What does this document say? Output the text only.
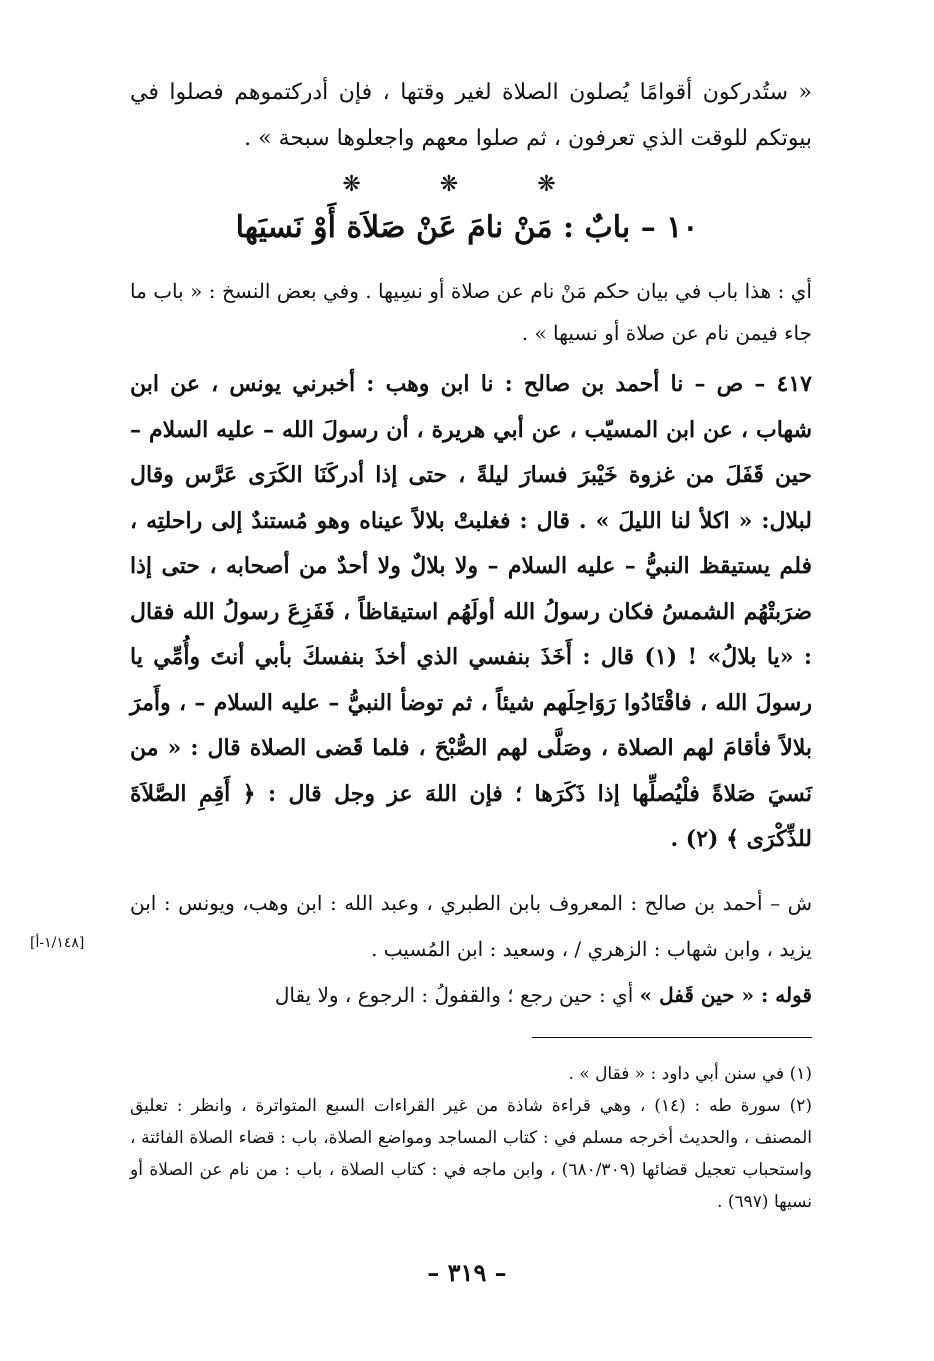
« ستُدركون أقوامًا يُصلون الصلاة لغير وقتها ، فإن أدركتموهم فصلوا في بيوتكم للوقت الذي تعرفون ، ثم صلوا معهم واجعلوها سبحة » .

❋ ❋ ❋
١٠ – بابٌ : مَنْ نامَ عَنْ صَلاَة أَوْ نَسيَها

أي : هذا باب في بيان حكم مَنْ نام عن صلاة أو نسِيها . وفي بعض النسخ : « باب ما جاء فيمن نام عن صلاة أو نسيها » .

٤١٧ – ص – نا أحمد بن صالح : نا ابن وهب : أخبرني يونس ، عن ابن شهاب ، عن ابن المسيّب ، عن أبي هريرة ، أن رسولَ الله – عليه السلام – حين قَفَلَ من غزوة خَيْبرَ فسارَ ليلةً ، حتى إذا أدركَنَا الكَرَى عَرَّس وقال لبلال: « اكلأ لنا الليلَ » . قال : فغلبتْ بلالاً عيناه وهو مُستندٌ إلى راحلتِه ، فلم يستيقظ النبيُّ – عليه السلام – ولا بلالٌ ولا أحدٌ من أصحابه ، حتى إذا ضرَبتْهُم الشمسُ فكان رسولُ الله أولَهُم استيقاظاً ، فَفَزِعَ رسولُ الله فقال : «يا بلالُ» ! (١) قال : أَخَذَ بنفسي الذي أخذَ بنفسكَ بأبي أنتَ وأُمِّي يا رسولَ الله ، فاقْتَادُوا رَوَاحِلَهم شيئاً ، ثم توضأ النبيُّ – عليه السلام – ، وأَمرَ بلالاً فأقامَ لهم الصلاة ، وصَلَّى لهم الصُّبْحَ ، فلما قَضى الصلاة قال : « من نَسيَ صَلاةً فلْيُصلِّها إذا ذَكَرَها ؛ فإن اللهَ عز وجل قال : ﴿ أَقِمِ الصَّلاَةَ للذِّكْرَى ﴾ (٢) .

ش – أحمد بن صالح : المعروف بابن الطبري ، وعبد الله : ابن وهب، ويونس : ابن يزيد ، وابن شهاب : الزهري / ، وسعيد : ابن المُسيب .
قوله : « حين قَفل » أي : حين رجع ؛ والقفولُ : الرجوع ، ولا يقال
[١/١٤٨-أ]

(١) في سنن أبي داود : « فقال » .

(٢) سورة طه : (١٤) ، وهي قراءة شاذة من غير القراءات السبع المتواترة ، وانظر : تعليق المصنف ، والحديث أخرجه مسلم في : كتاب المساجد ومواضع الصلاة، باب : قضاء الصلاة الفائتة ، واستحباب تعجيل قضائها (٦٨٠/٣٠٩) ، وابن ماجه في : كتاب الصلاة ، باب : من نام عن الصلاة أو نسيها (٦٩٧) .

– ٣١٩ –
